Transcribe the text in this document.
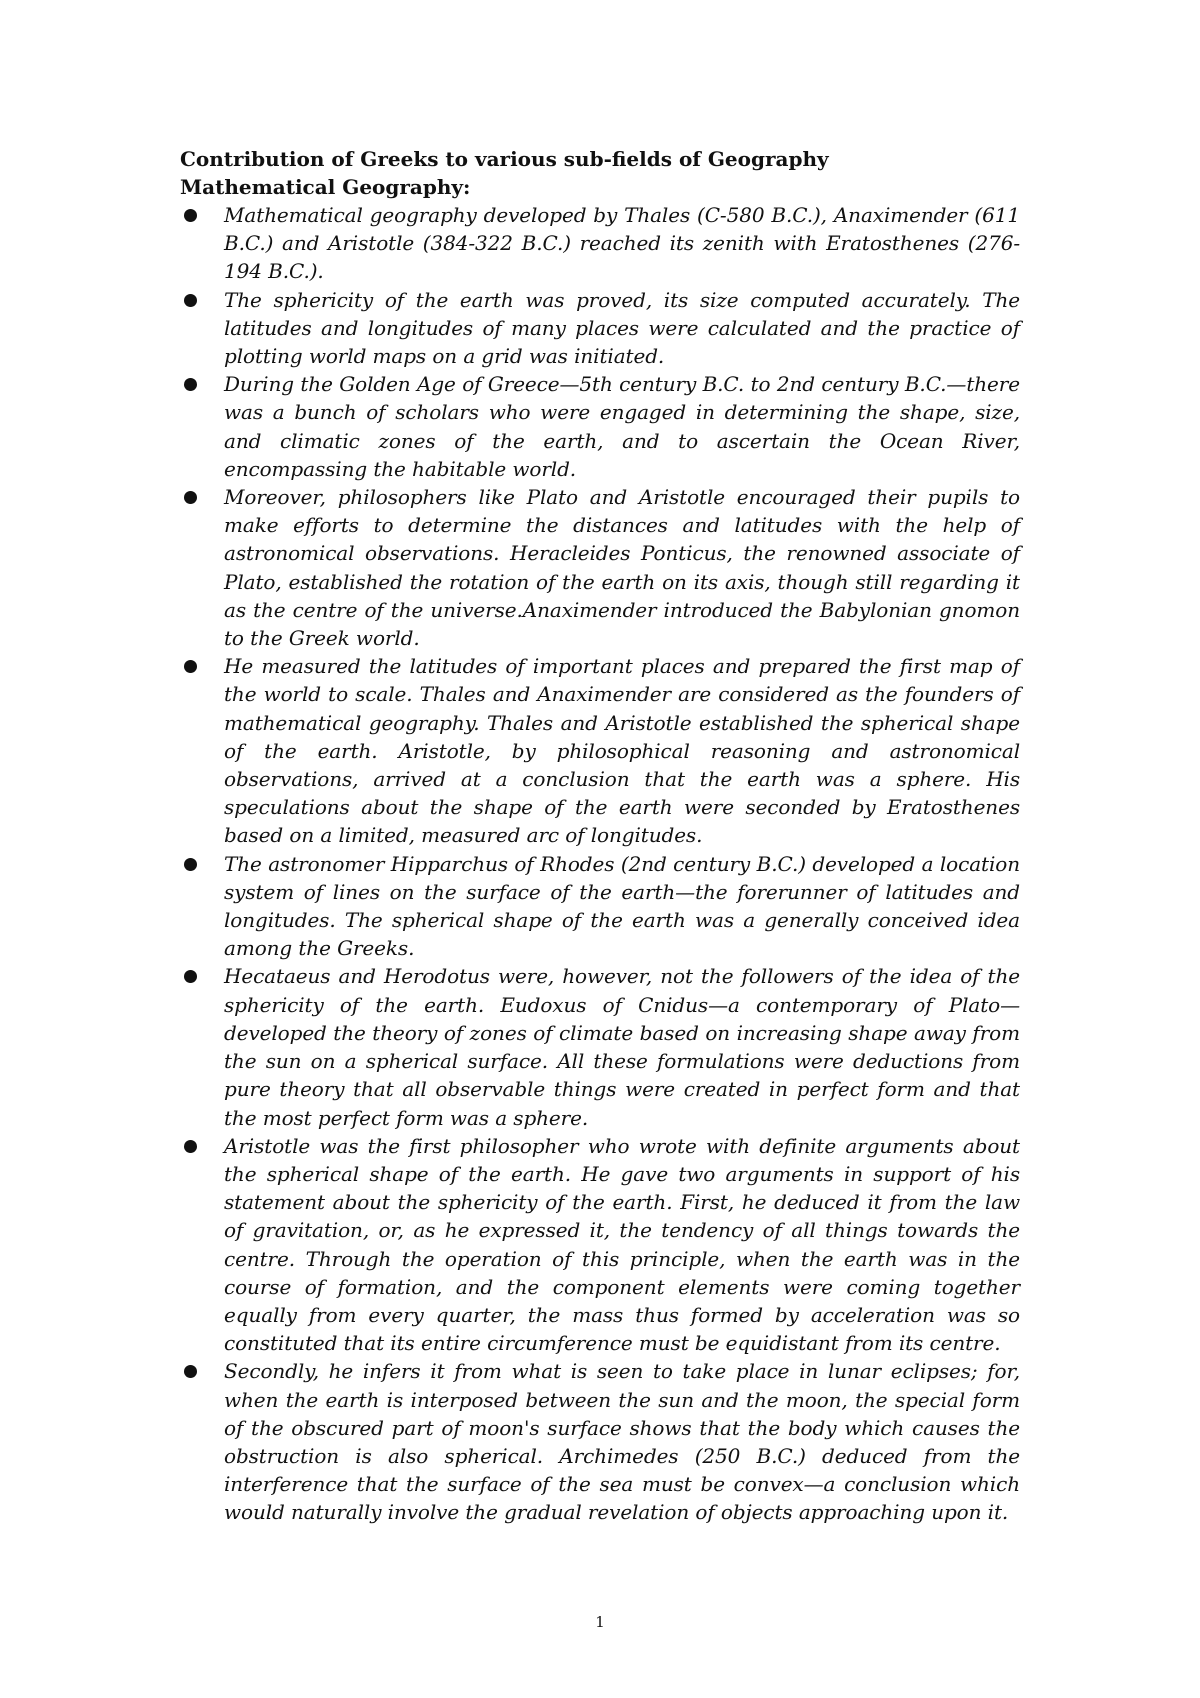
Contribution of Greeks to various sub-fields of Geography
Mathematical Geography:
Mathematical geography developed by Thales (C-580 B.C.), Anaximender (611 B.C.) and Aristotle (384-322 B.C.) reached its zenith with Eratosthenes (276-194 B.C.).
The sphericity of the earth was proved, its size computed accurately. The latitudes and longitudes of many places were calculated and the practice of plotting world maps on a grid was initiated.
During the Golden Age of Greece—5th century B.C. to 2nd century B.C.—there was a bunch of scholars who were engaged in determining the shape, size, and climatic zones of the earth, and to ascertain the Ocean River, encompassing the habitable world.
Moreover, philosophers like Plato and Aristotle encouraged their pupils to make efforts to determine the distances and latitudes with the help of astronomical observations. Heracleides Ponticus, the renowned associate of Plato, established the rotation of the earth on its axis, though still regarding it as the centre of the universe.Anaximender introduced the Babylonian gnomon to the Greek world.
He measured the latitudes of important places and prepared the first map of the world to scale. Thales and Anaximender are considered as the founders of mathematical geography. Thales and Aristotle established the spherical shape of the earth. Aristotle, by philosophical reasoning and astronomical observations, arrived at a conclusion that the earth was a sphere. His speculations about the shape of the earth were seconded by Eratosthenes based on a limited, measured arc of longitudes.
The astronomer Hipparchus of Rhodes (2nd century B.C.) developed a location system of lines on the surface of the earth—the forerunner of latitudes and longitudes. The spherical shape of the earth was a generally conceived idea among the Greeks.
Hecataeus and Herodotus were, however, not the followers of the idea of the sphericity of the earth. Eudoxus of Cnidus—a contemporary of Plato—developed the theory of zones of climate based on increasing shape away from the sun on a spherical surface. All these formulations were deductions from pure theory that all observable things were created in perfect form and that the most perfect form was a sphere.
Aristotle was the first philosopher who wrote with definite arguments about the spherical shape of the earth. He gave two arguments in support of his statement about the sphericity of the earth. First, he deduced it from the law of gravitation, or, as he expressed it, the tendency of all things towards the centre. Through the operation of this principle, when the earth was in the course of formation, and the component elements were coming together equally from every quarter, the mass thus formed by acceleration was so constituted that its entire circumference must be equidistant from its centre.
Secondly, he infers it from what is seen to take place in lunar eclipses; for, when the earth is interposed between the sun and the moon, the special form of the obscured part of moon's surface shows that the body which causes the obstruction is also spherical. Archimedes (250 B.C.) deduced from the interference that the surface of the sea must be convex—a conclusion which would naturally involve the gradual revelation of objects approaching upon it.
1
